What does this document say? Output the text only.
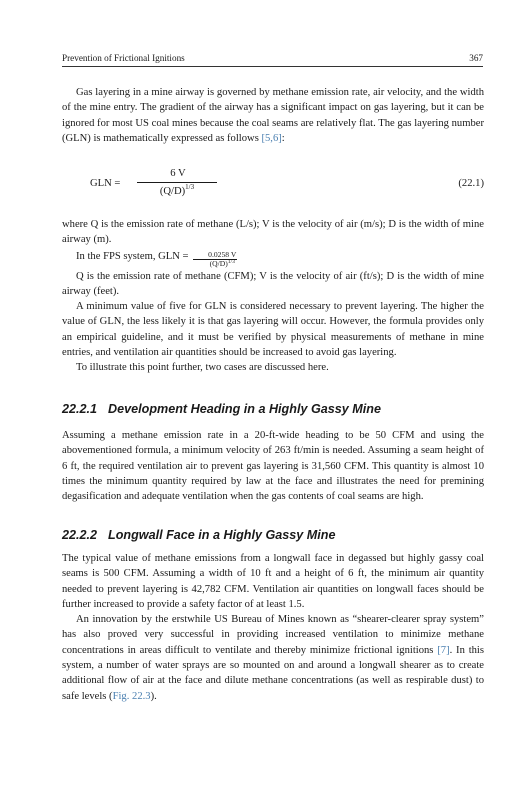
Prevention of Frictional Ignitions	367

Gas layering in a mine airway is governed by methane emission rate, air velocity, and the width of the mine entry. The gradient of the airway has a significant impact on gas layering, but it can be ignored for most US coal mines because the coal seams are relatively flat. The gas layering number (GLN) is mathematically expressed as follows [5,6]:

GLN =
6 V
$(Q/D)^{1/3}$	(22.1)

where Q is the emission rate of methane (L/s); V is the velocity of air (m/s); D is the width of mine airway (m).

In the FPS system, GLN = $\frac{0.0258 V}{(Q/D)^{1/3}}$

Q is the emission rate of methane (CFM); V is the velocity of air (ft/s); D is the width of mine airway (feet).

A minimum value of five for GLN is considered necessary to prevent layering. The higher the value of GLN, the less likely it is that gas layering will occur. However, the formula provides only an empirical guideline, and it must be verified by physical measurements of methane in mine entries, and ventilation air quantities should be increased to avoid gas layering.

To illustrate this point further, two cases are discussed here.

22.2.1 Development Heading in a Highly Gassy Mine

Assuming a methane emission rate in a 20-ft-wide heading to be 50 CFM and using the abovementioned formula, a minimum velocity of 263 ft/min is needed. Assuming a seam height of 6 ft, the required ventilation air to prevent gas layering is 31,560 CFM. This quantity is almost 10 times the minimum quantity required by law at the face and illustrates the need for premining degasification and adequate ventilation when the gas contents of coal seams are high.

22.2.2 Longwall Face in a Highly Gassy Mine

The typical value of methane emissions from a longwall face in degassed but highly gassy coal seams is 500 CFM. Assuming a width of 10 ft and a height of 6 ft, the minimum air quantity needed to prevent layering is 42,782 CFM. Ventilation air quantities on longwall faces should be further increased to provide a safety factor of at least 1.5.

An innovation by the erstwhile US Bureau of Mines known as “shearer-clearer spray system” has also proved very successful in providing increased ventilation to minimize methane concentrations in areas difficult to ventilate and thereby minimize frictional ignitions [7]. In this system, a number of water sprays are so mounted on and around a longwall shearer as to create additional flow of air at the face and dilute methane concentrations (as well as respirable dust) to safe levels (Fig. 22.3).
